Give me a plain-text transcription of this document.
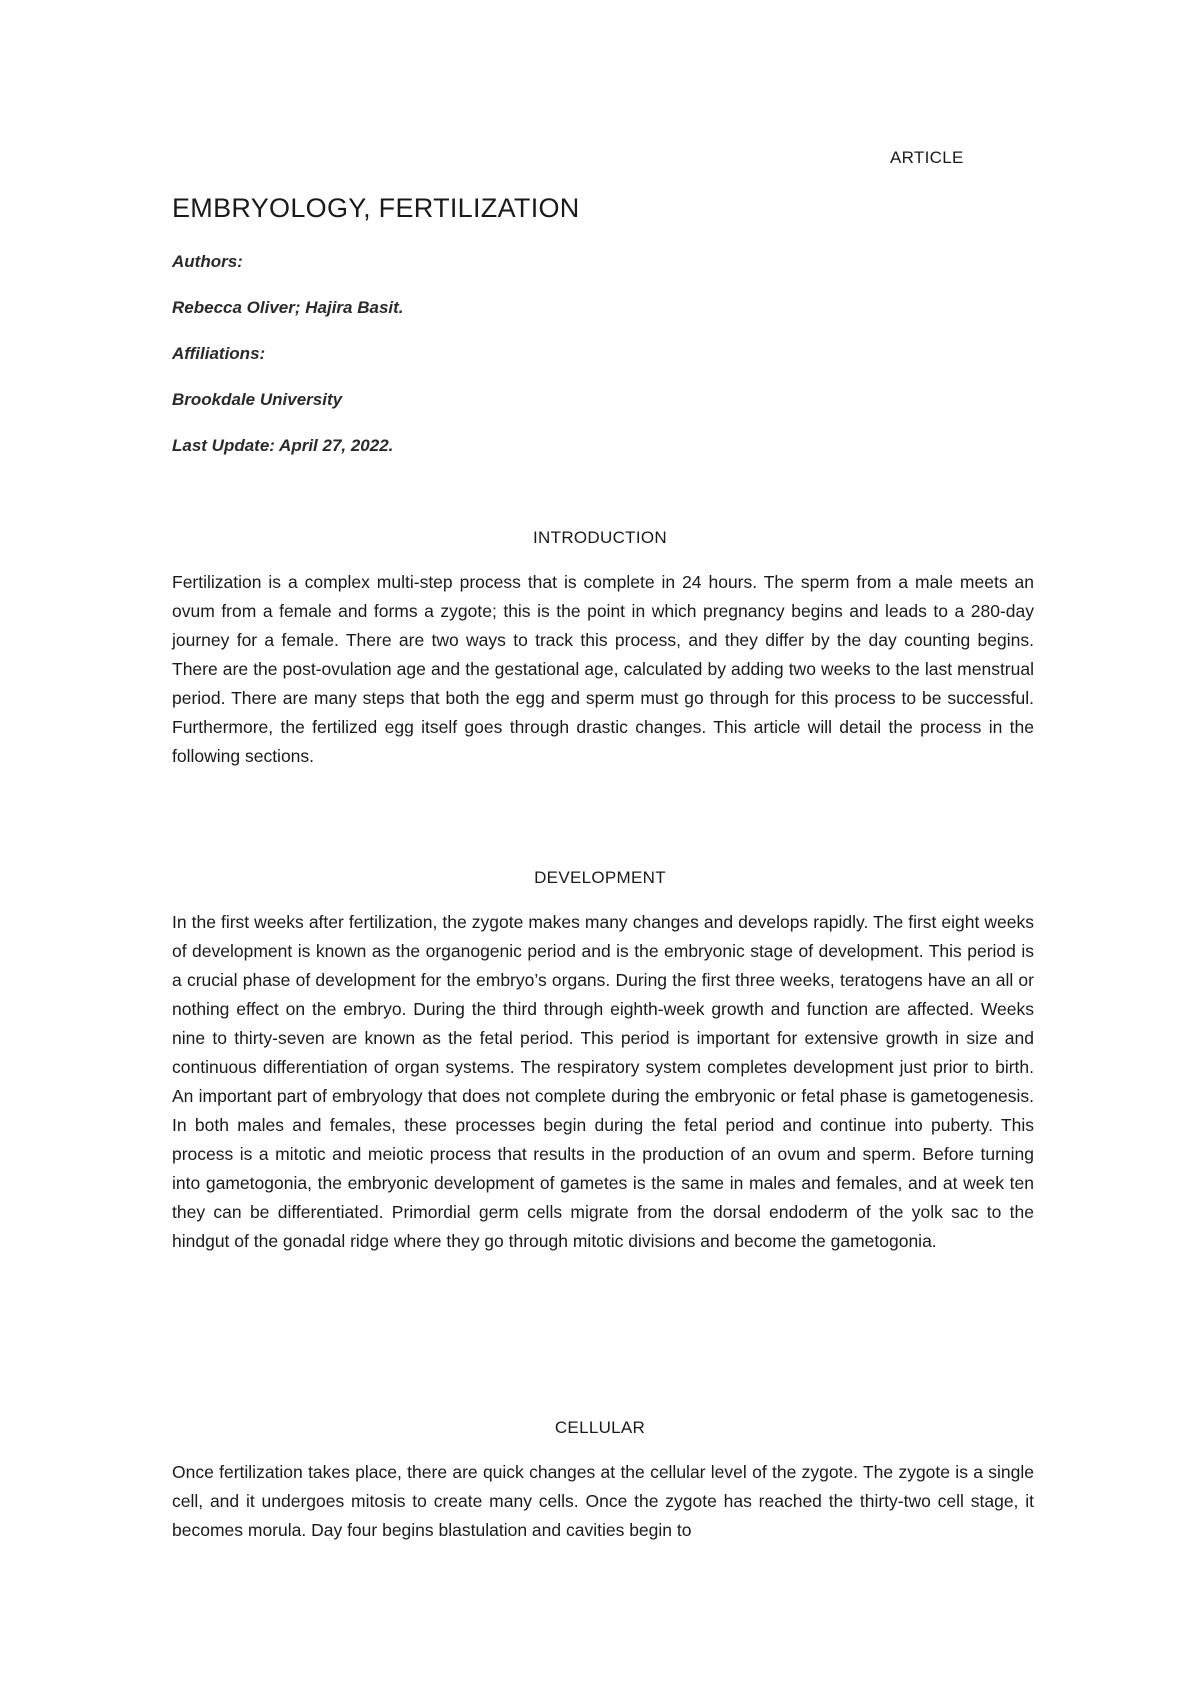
ARTICLE
EMBRYOLOGY, FERTILIZATION
Authors:
Rebecca Oliver; Hajira Basit.
Affiliations:
Brookdale University
Last Update: April 27, 2022.
INTRODUCTION

Fertilization is a complex multi-step process that is complete in 24 hours. The sperm from a male meets an ovum from a female and forms a zygote; this is the point in which pregnancy begins and leads to a 280-day journey for a female. There are two ways to track this process, and they differ by the day counting begins. There are the post-ovulation age and the gestational age, calculated by adding two weeks to the last menstrual period. There are many steps that both the egg and sperm must go through for this process to be successful. Furthermore, the fertilized egg itself goes through drastic changes. This article will detail the process in the following sections.

DEVELOPMENT

In the first weeks after fertilization, the zygote makes many changes and develops rapidly. The first eight weeks of development is known as the organogenic period and is the embryonic stage of development. This period is a crucial phase of development for the embryo’s organs. During the first three weeks, teratogens have an all or nothing effect on the embryo. During the third through eighth-week growth and function are affected. Weeks nine to thirty-seven are known as the fetal period. This period is important for extensive growth in size and continuous differentiation of organ systems. The respiratory system completes development just prior to birth. An important part of embryology that does not complete during the embryonic or fetal phase is gametogenesis. In both males and females, these processes begin during the fetal period and continue into puberty. This process is a mitotic and meiotic process that results in the production of an ovum and sperm. Before turning into gametogonia, the embryonic development of gametes is the same in males and females, and at week ten they can be differentiated. Primordial germ cells migrate from the dorsal endoderm of the yolk sac to the hindgut of the gonadal ridge where they go through mitotic divisions and become the gametogonia.

CELLULAR

Once fertilization takes place, there are quick changes at the cellular level of the zygote. The zygote is a single cell, and it undergoes mitosis to create many cells. Once the zygote has reached the thirty-two cell stage, it becomes morula. Day four begins blastulation and cavities begin to
